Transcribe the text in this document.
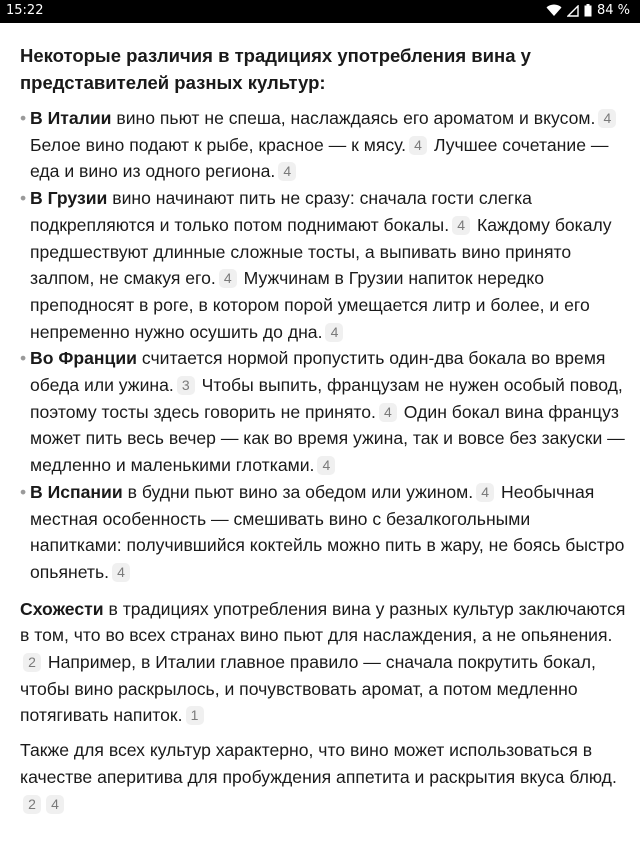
15:22	84 %
Некоторые различия в традициях употребления вина у представителей разных культур:
• В Италии вино пьют не спеша, наслаждаясь его ароматом и вкусом. 4 Белое вино подают к рыбе, красное — к мясу. 4 Лучшее сочетание — еда и вино из одного региона. 4
• В Грузии вино начинают пить не сразу: сначала гости слегка подкрепляются и только потом поднимают бокалы. 4 Каждому бокалу предшествуют длинные сложные тосты, а выпивать вино принято залпом, не смакуя его. 4 Мужчинам в Грузии напиток нередко преподносят в роге, в котором порой умещается литр и более, и его непременно нужно осушить до дна. 4
• Во Франции считается нормой пропустить один-два бокала во время обеда или ужина. 3 Чтобы выпить, французам не нужен особый повод, поэтому тосты здесь говорить не принято. 4 Один бокал вина француз может пить весь вечер — как во время ужина, так и вовсе без закуски — медленно и маленькими глотками. 4
• В Испании в будни пьют вино за обедом или ужином. 4 Необычная местная особенность — смешивать вино с безалкогольными напитками: получившийся коктейль можно пить в жару, не боясь быстро опьянеть. 4

Схожести в традициях употребления вина у разных культур заключаются в том, что во всех странах вино пьют для наслаждения, а не опьянения.2 Например, в Италии главное правило — сначала покрутить бокал, чтобы вино раскрылось, и почувствовать аромат, а потом медленно потягивать напиток. 1

Также для всех культур характерно, что вино может использоваться в качестве аперитива для пробуждения аппетита и раскрытия вкуса блюд.2 4
